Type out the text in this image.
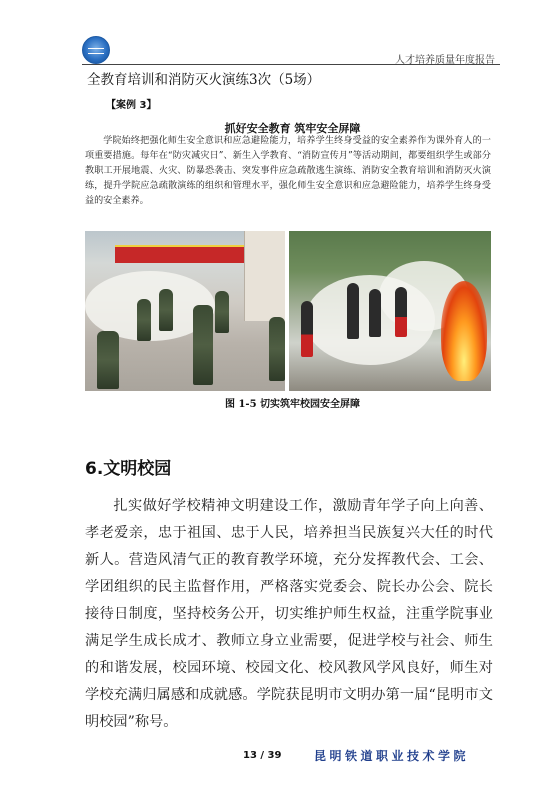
人才培养质量年度报告
全教育培训和消防灭火演练3次（5场）
【案例 3】
抓好安全教育 筑牢安全屏障
学院始终把强化师生安全意识和应急避险能力，培养学生终身受益的安全素养作为课外育人的一项重要措施。每年在“防灾减灾日”、新生入学教育、“消防宣传月”等活动期间，都要组织学生或部分教职工开展地震、火灾、防暴恐袭击、突发事件应急疏散逃生演练、消防安全教育培训和消防灭火演练，提升学院应急疏散演练的组织和管理水平，强化师生安全意识和应急避险能力，培养学生终身受益的安全素养。
图 1-5 切实筑牢校园安全屏障
6.文明校园
扎实做好学校精神文明建设工作，激励青年学子向上向善、孝老爱亲，忠于祖国、忠于人民，培养担当民族复兴大任的时代新人。营造风清气正的教育教学环境，充分发挥教代会、工会、学团组织的民主监督作用，严格落实党委会、院长办公会、院长接待日制度，坚持校务公开，切实维护师生权益，注重学院事业满足学生成长成才、教师立身立业需要，促进学校与社会、师生的和谐发展，校园环境、校园文化、校风教风学风良好，师生对学校充满归属感和成就感。学院获昆明市文明办第一届“昆明市文明校园”称号。
13 / 39	昆明铁道职业技术学院
